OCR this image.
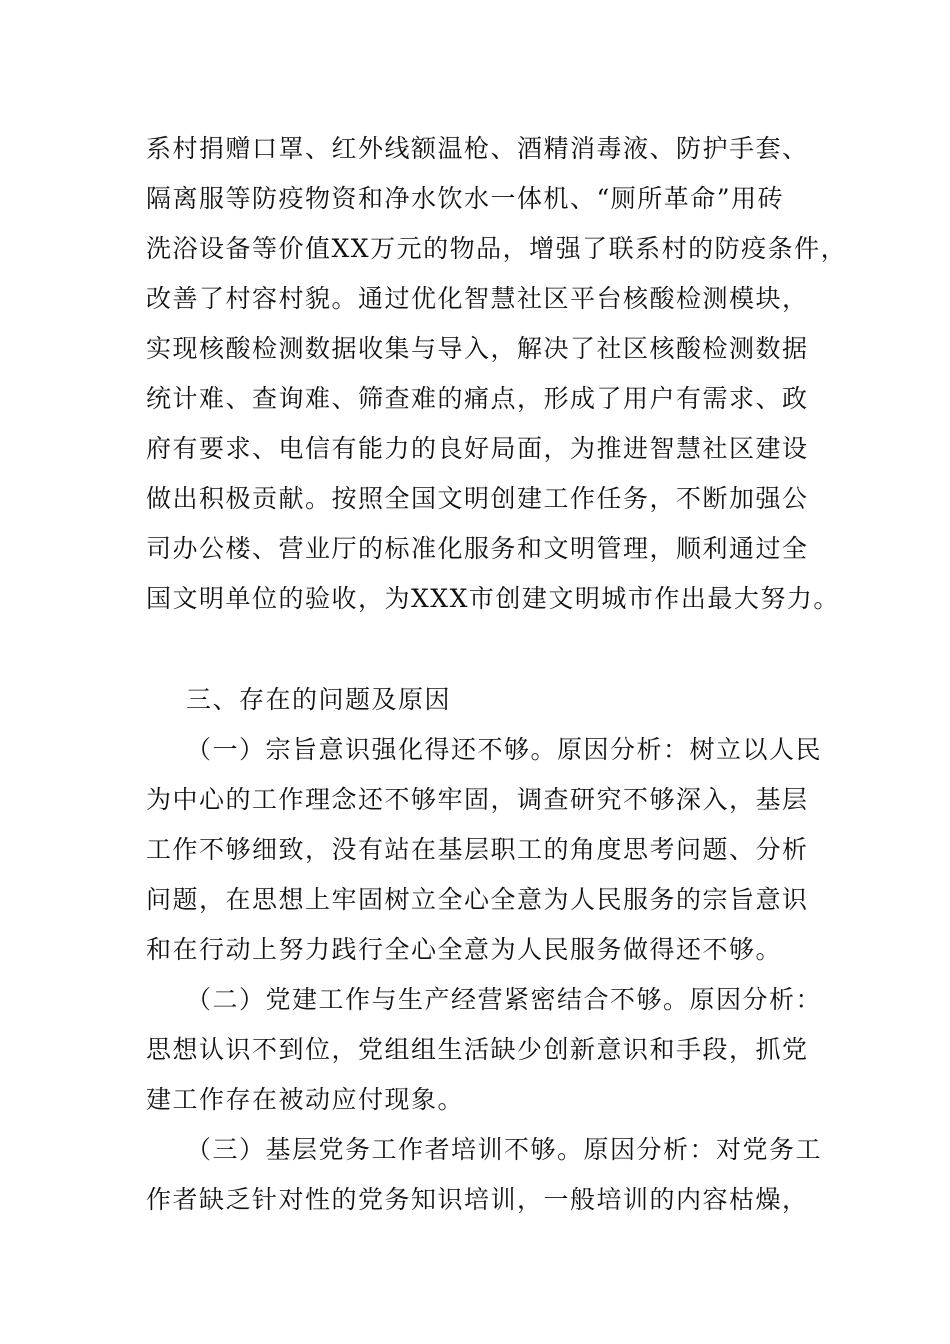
系村捐赠口罩、红外线额温枪、酒精消毒液、防护手套、
隔离服等防疫物资和净水饮水一体机、“厕所革命”用砖
洗浴设备等价值XX万元的物品，增强了联系村的防疫条件，
改善了村容村貌。通过优化智慧社区平台核酸检测模块，
实现核酸检测数据收集与导入，解决了社区核酸检测数据
统计难、查询难、筛查难的痛点，形成了用户有需求、政
府有要求、电信有能力的良好局面，为推进智慧社区建设
做出积极贡献。按照全国文明创建工作任务，不断加强公
司办公楼、营业厅的标准化服务和文明管理，顺利通过全
国文明单位的验收，为XXX市创建文明城市作出最大努力。
三、存在的问题及原因
（一）宗旨意识强化得还不够。原因分析：树立以人民
为中心的工作理念还不够牢固，调查研究不够深入，基层
工作不够细致，没有站在基层职工的角度思考问题、分析
问题，在思想上牢固树立全心全意为人民服务的宗旨意识
和在行动上努力践行全心全意为人民服务做得还不够。
（二）党建工作与生产经营紧密结合不够。原因分析：
思想认识不到位，党组组生活缺少创新意识和手段，抓党
建工作存在被动应付现象。
（三）基层党务工作者培训不够。原因分析：对党务工
作者缺乏针对性的党务知识培训，一般培训的内容枯燥，
